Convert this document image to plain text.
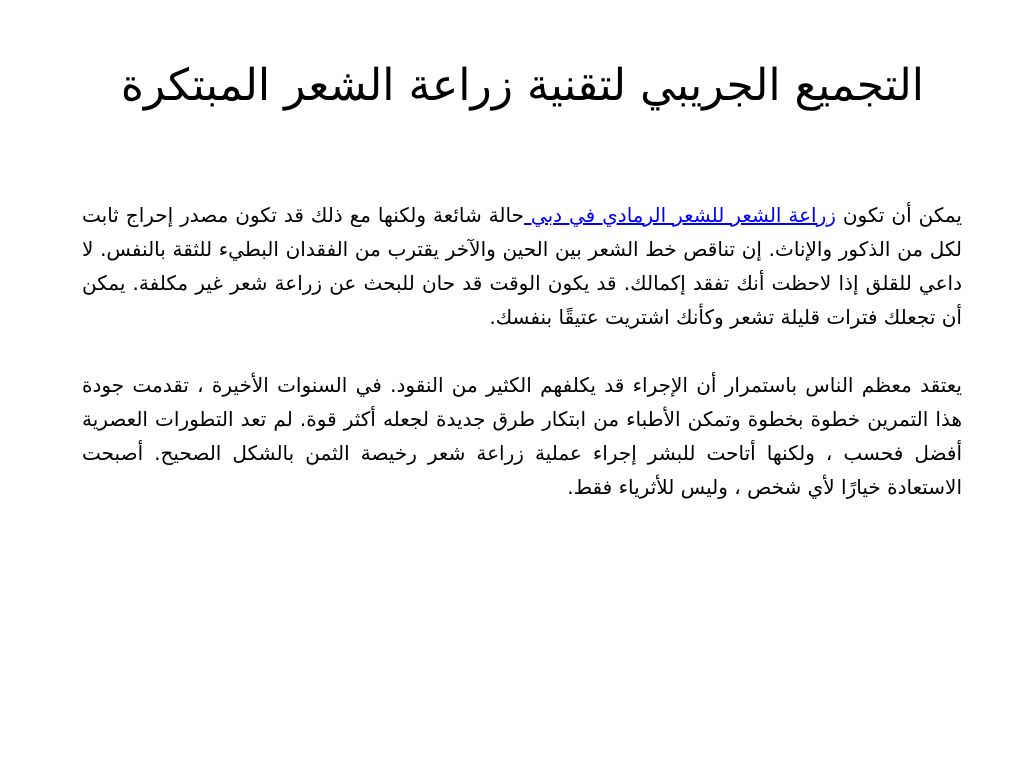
التجميع الجريبي لتقنية زراعة الشعر المبتكرة

يمكن أن تكون زراعة الشعر للشعر الرمادي في دبي حالة شائعة ولكنها مع ذلك قد تكون مصدر إحراج ثابت لكل من الذكور والإناث. إن تناقص خط الشعر بين الحين والآخر يقترب من الفقدان البطيء للثقة بالنفس. لا داعي للقلق إذا لاحظت أنك تفقد إكمالك. قد يكون الوقت قد حان للبحث عن زراعة شعر غير مكلفة. يمكن أن تجعلك فترات قليلة تشعر وكأنك اشتريت عتيقًا بنفسك.

يعتقد معظم الناس باستمرار أن الإجراء قد يكلفهم الكثير من النقود. في السنوات الأخيرة ، تقدمت جودة هذا التمرين خطوة بخطوة وتمكن الأطباء من ابتكار طرق جديدة لجعله أكثر قوة. لم تعد التطورات العصرية أفضل فحسب ، ولكنها أتاحت للبشر إجراء عملية زراعة شعر رخيصة الثمن بالشكل الصحيح. أصبحت الاستعادة خيارًا لأي شخص ، وليس للأثرياء فقط.
